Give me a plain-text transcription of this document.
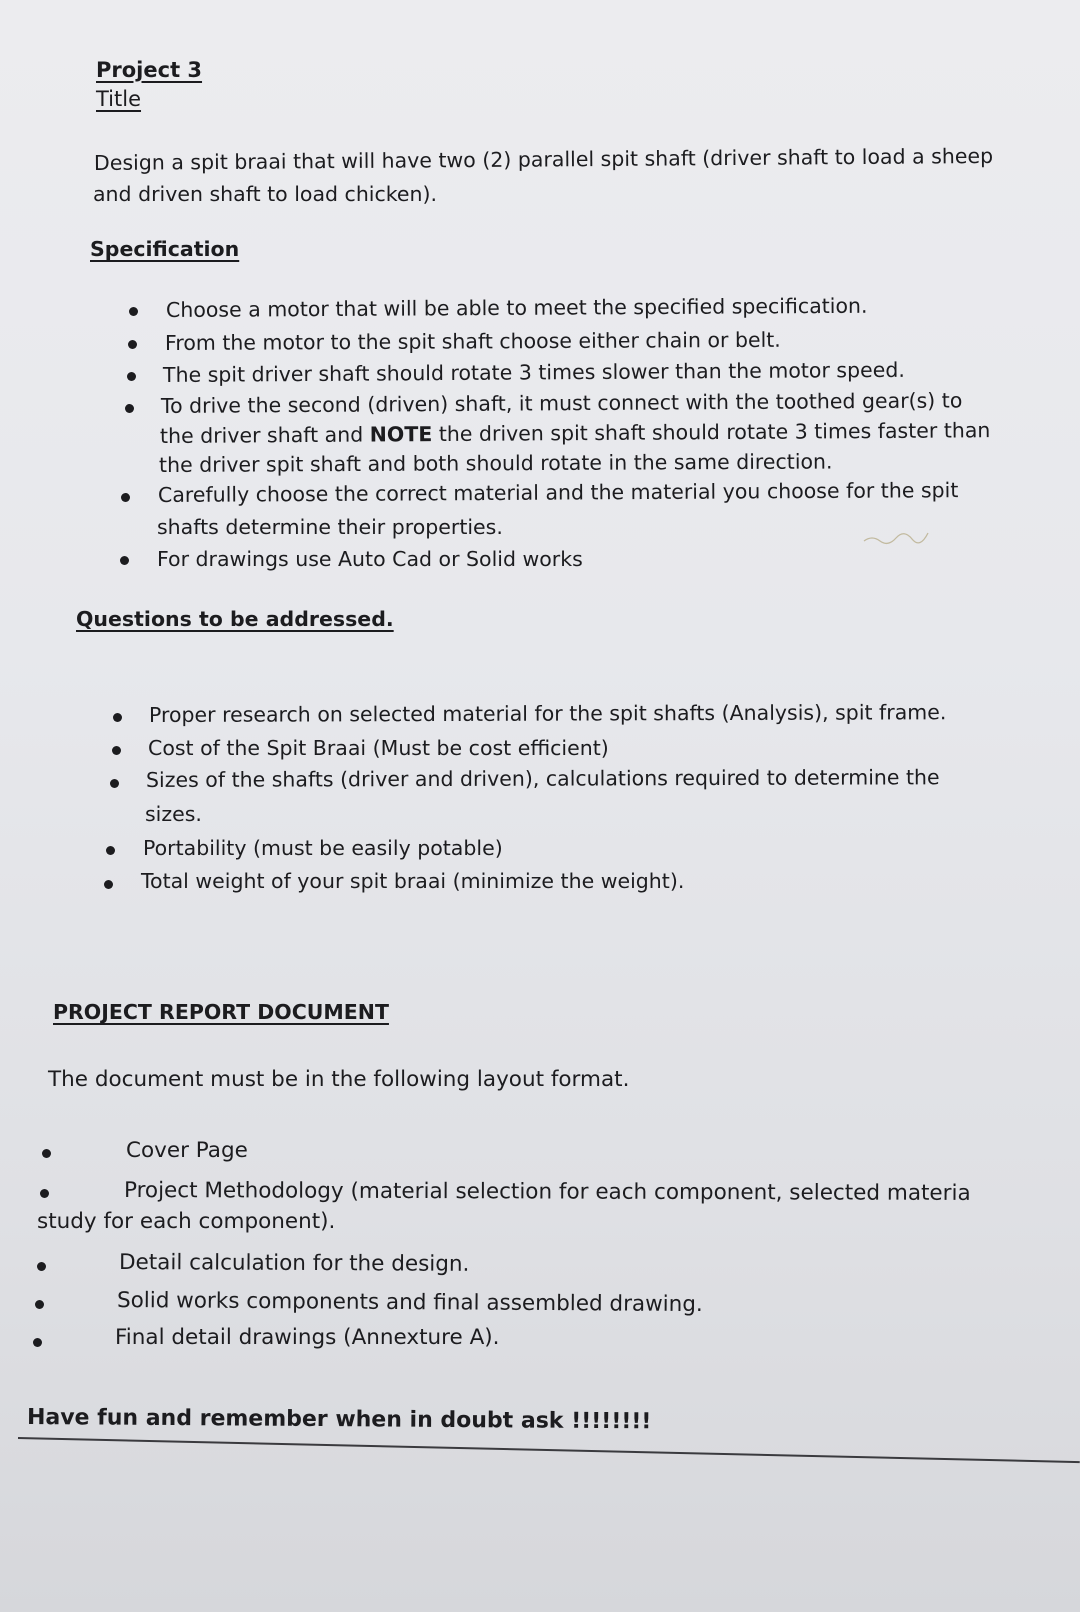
Project 3
Title
Design a spit braai that will have two (2) parallel spit shaft (driver shaft to load a sheep
and driven shaft to load chicken).
Specification
Choose a motor that will be able to meet the specified specification.
From the motor to the spit shaft choose either chain or belt.
The spit driver shaft should rotate 3 times slower than the motor speed.
To drive the second (driven) shaft, it must connect with the toothed gear(s) to
the driver shaft and NOTE the driven spit shaft should rotate 3 times faster than
the driver spit shaft and both should rotate in the same direction.
Carefully choose the correct material and the material you choose for the spit
shafts determine their properties.
For drawings use Auto Cad or Solid works
Questions to be addressed.
Proper research on selected material for the spit shafts (Analysis), spit frame.
Cost of the Spit Braai (Must be cost efficient)
Sizes of the shafts (driver and driven), calculations required to determine the
sizes.
Portability (must be easily potable)
Total weight of your spit braai (minimize the weight).
PROJECT REPORT DOCUMENT
The document must be in the following layout format.
Cover Page
Project Methodology (material selection for each component, selected materia
study for each component).
Detail calculation for the design.
Solid works components and final assembled drawing.
Final detail drawings (Annexture A).
Have fun and remember when in doubt ask !!!!!!!!
